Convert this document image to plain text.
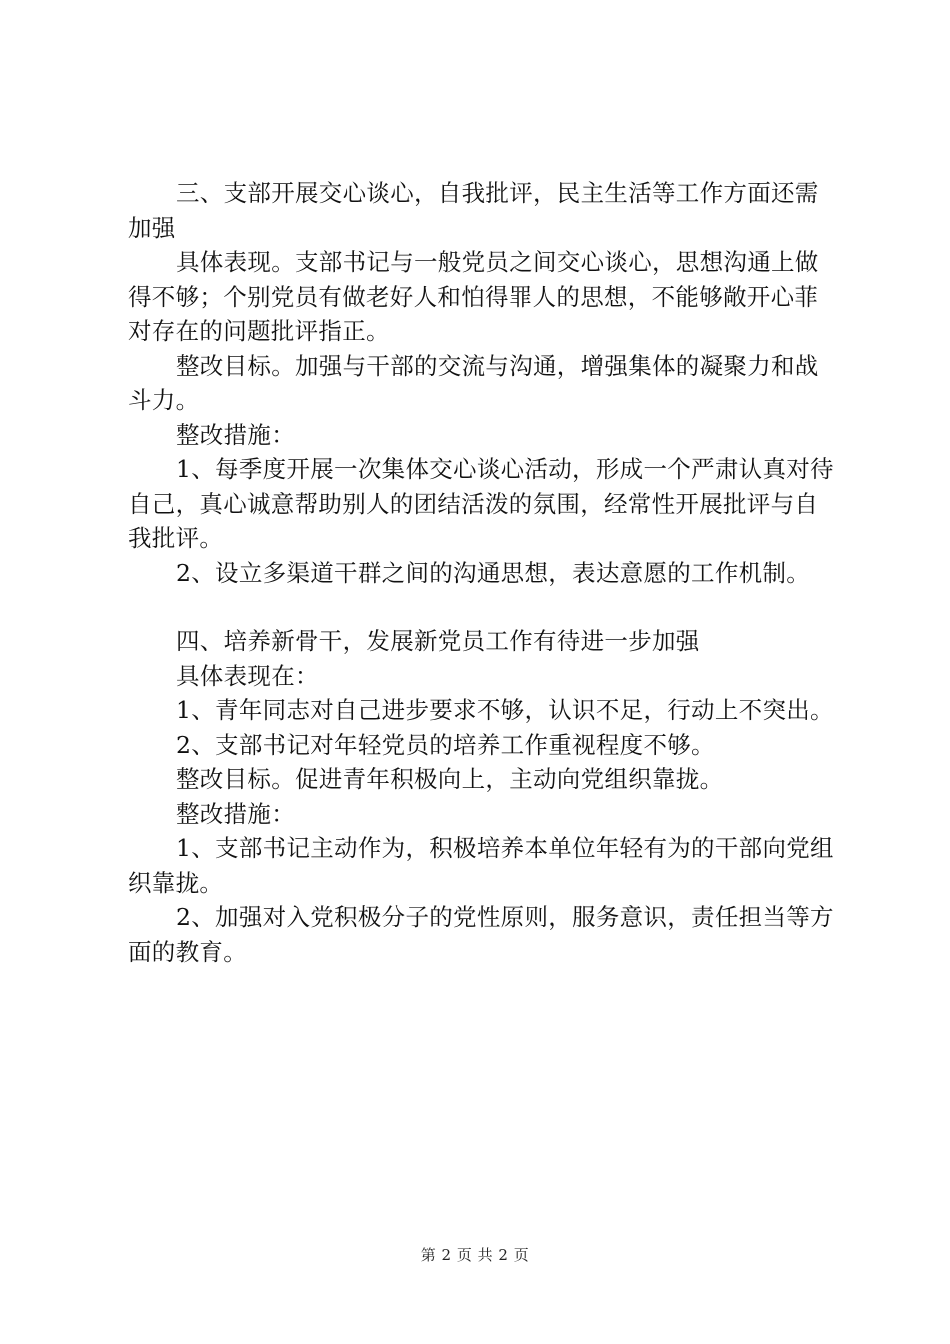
三、支部开展交心谈心，自我批评，民主生活等工作方面还需加强

具体表现。支部书记与一般党员之间交心谈心，思想沟通上做得不够；个别党员有做老好人和怕得罪人的思想，不能够敞开心菲对存在的问题批评指正。

整改目标。加强与干部的交流与沟通，增强集体的凝聚力和战斗力。

整改措施：

1、每季度开展一次集体交心谈心活动，形成一个严肃认真对待自己，真心诚意帮助别人的团结活泼的氛围，经常性开展批评与自我批评。

2、设立多渠道干群之间的沟通思想，表达意愿的工作机制。

四、培养新骨干，发展新党员工作有待进一步加强

具体表现在：

1、青年同志对自己进步要求不够，认识不足，行动上不突出。

2、支部书记对年轻党员的培养工作重视程度不够。

整改目标。促进青年积极向上，主动向党组织靠拢。

整改措施：

1、支部书记主动作为，积极培养本单位年轻有为的干部向党组织靠拢。

2、加强对入党积极分子的党性原则，服务意识，责任担当等方面的教育。

第 2 页 共 2 页
